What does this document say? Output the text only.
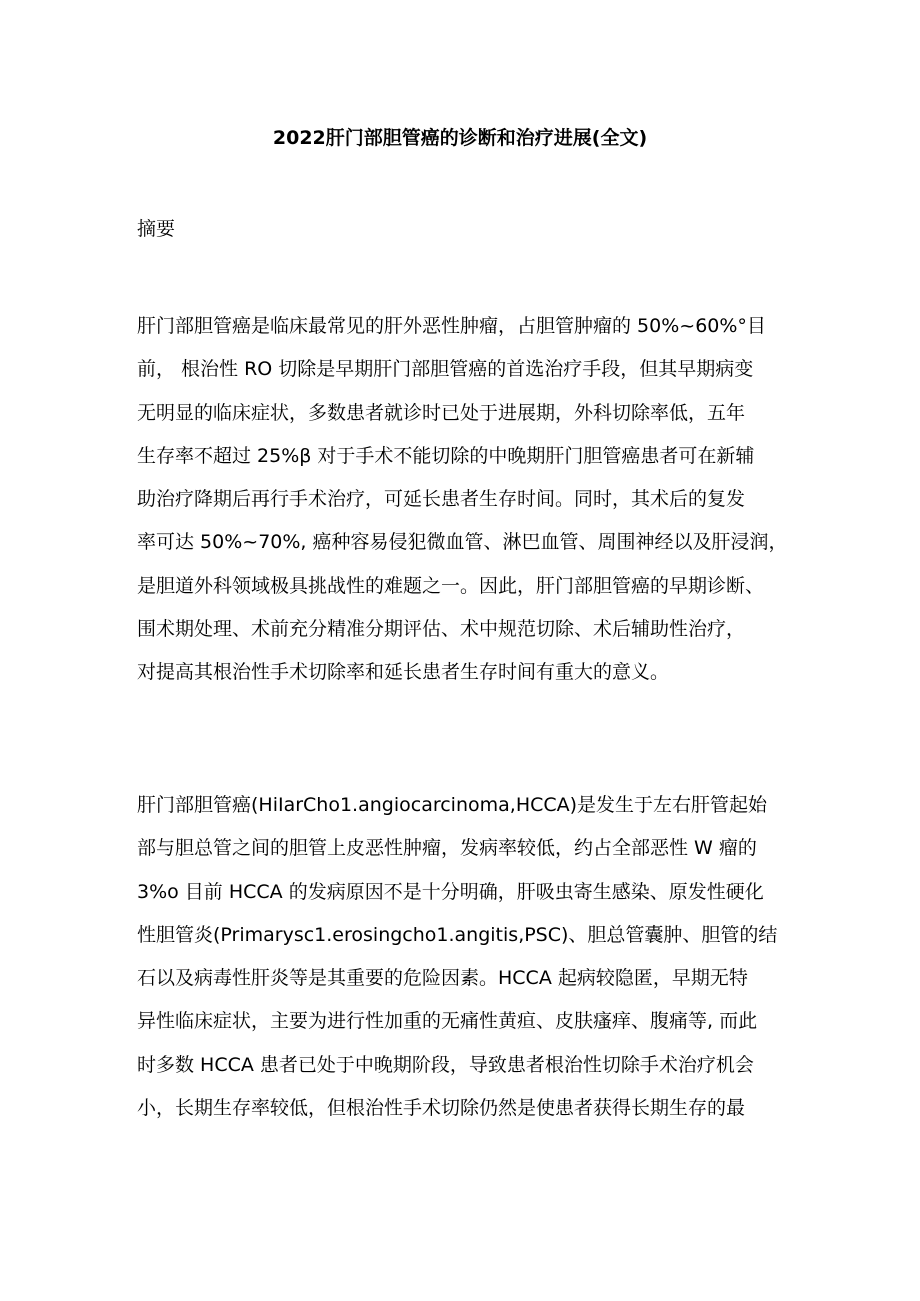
2022肝门部胆管癌的诊断和治疗进展(全文)
摘要
肝门部胆管癌是临床最常见的肝外恶性肿瘤，占胆管肿瘤的 50%~60%°目
前， 根治性 RO 切除是早期肝门部胆管癌的首选治疗手段，但其早期病变
无明显的临床症状，多数患者就诊时已处于进展期，外科切除率低，五年
生存率不超过 25%β 对于手术不能切除的中晚期肝门胆管癌患者可在新辅
助治疗降期后再行手术治疗，可延长患者生存时间。同时，其术后的复发
率可达 50%~70%, 癌种容易侵犯微血管、淋巴血管、周围神经以及肝浸润，
是胆道外科领域极具挑战性的难题之一。因此，肝门部胆管癌的早期诊断、
围术期处理、术前充分精准分期评估、术中规范切除、术后辅助性治疗，
对提高其根治性手术切除率和延长患者生存时间有重大的意义。
肝门部胆管癌(HiIarCho1.angiocarcinoma,HCCA)是发生于左右肝管起始
部与胆总管之间的胆管上皮恶性肿瘤，发病率较低，约占全部恶性 W 瘤的
3%o 目前 HCCA 的发病原因不是十分明确，肝吸虫寄生感染、原发性硬化
性胆管炎(Primarysc1.erosingcho1.angitis,PSC)、胆总管囊肿、胆管的结
石以及病毒性肝炎等是其重要的危险因素。HCCA 起病较隐匿，早期无特
异性临床症状，主要为进行性加重的无痛性黄疸、皮肤瘙痒、腹痛等, 而此
时多数 HCCA 患者已处于中晚期阶段，导致患者根治性切除手术治疗机会
小，长期生存率较低，但根治性手术切除仍然是使患者获得长期生存的最
